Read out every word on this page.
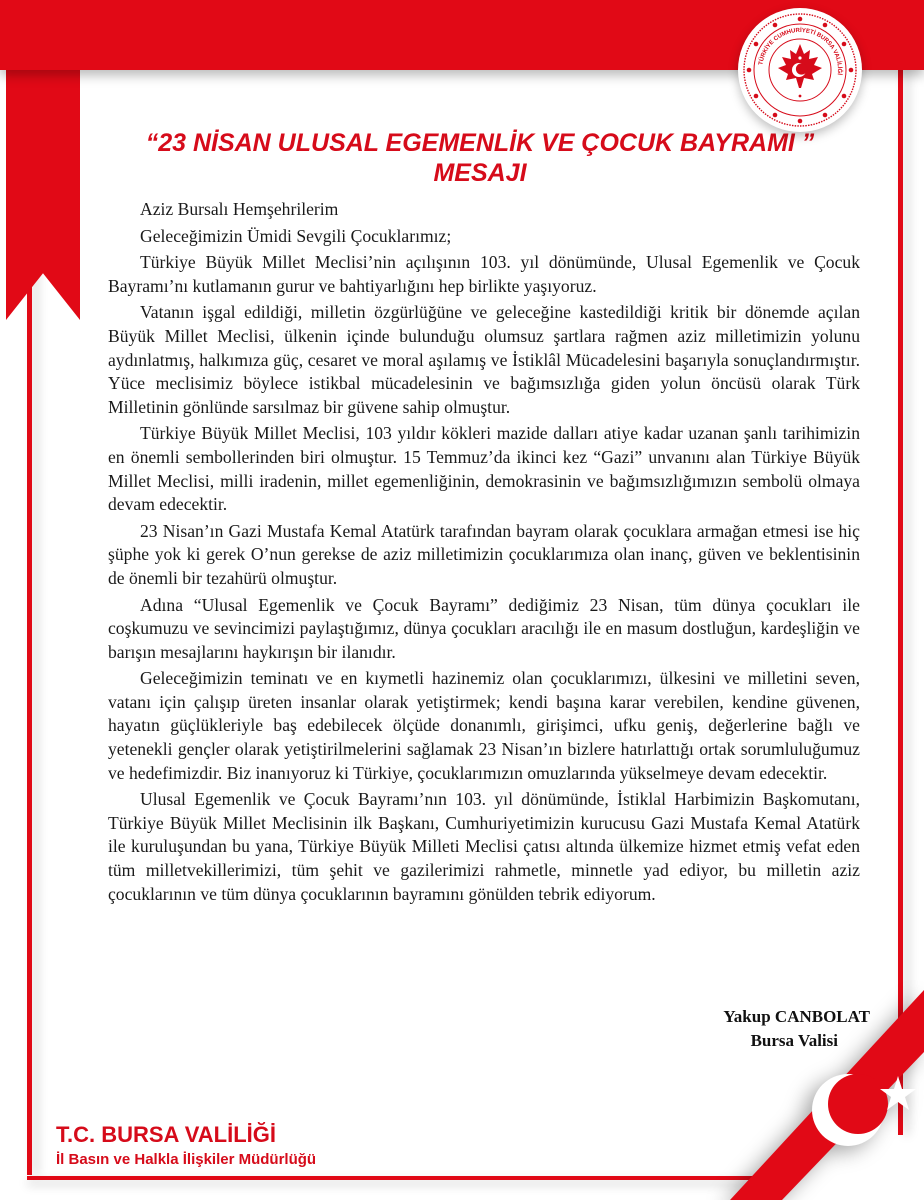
TÜRKİYE CUMHURİYETİ BURSA VALİLİĞİ
“23 NİSAN ULUSAL EGEMENLİK VE ÇOCUK BAYRAMI ”
MESAJI

Aziz Bursalı Hemşehrilerim

Geleceğimizin Ümidi Sevgili Çocuklarımız;

Türkiye Büyük Millet Meclisi’nin açılışının 103. yıl dönümünde, Ulusal Egemenlik ve Çocuk Bayramı’nı kutlamanın gurur ve bahtiyarlığını hep birlikte yaşıyoruz.

Vatanın işgal edildiği, milletin özgürlüğüne ve geleceğine kastedildiği kritik bir dönemde açılan Büyük Millet Meclisi, ülkenin içinde bulunduğu olumsuz şartlara rağmen aziz milletimizin yolunu aydınlatmış, halkımıza güç, cesaret ve moral aşılamış ve İstiklâl Mücadelesini başarıyla sonuçlandırmıştır. Yüce meclisimiz böylece istikbal mücadelesinin ve bağımsızlığa giden yolun öncüsü olarak Türk Milletinin gönlünde sarsılmaz bir güvene sahip olmuştur.

Türkiye Büyük Millet Meclisi, 103 yıldır kökleri mazide dalları atiye kadar uzanan şanlı tarihimizin en önemli sembollerinden biri olmuştur. 15 Temmuz’da ikinci kez “Gazi” unvanını alan Türkiye Büyük Millet Meclisi, milli iradenin, millet egemenliğinin, demokrasinin ve bağımsızlığımızın sembolü olmaya devam edecektir.

23 Nisan’ın Gazi Mustafa Kemal Atatürk tarafından bayram olarak çocuklara armağan etmesi ise hiç şüphe yok ki gerek O’nun gerekse de aziz milletimizin çocuklarımıza olan inanç, güven ve beklentisinin de önemli bir tezahürü olmuştur.

Adına “Ulusal Egemenlik ve Çocuk Bayramı” dediğimiz 23 Nisan, tüm dünya çocukları ile coşkumuzu ve sevincimizi paylaştığımız, dünya çocukları aracılığı ile en masum dostluğun, kardeşliğin ve barışın mesajlarını haykırışın bir ilanıdır.

Geleceğimizin teminatı ve en kıymetli hazinemiz olan çocuklarımızı, ülkesini ve milletini seven, vatanı için çalışıp üreten insanlar olarak yetiştirmek; kendi başına karar verebilen, kendine güvenen, hayatın güçlükleriyle baş edebilecek ölçüde donanımlı, girişimci, ufku geniş, değerlerine bağlı ve yetenekli gençler olarak yetiştirilmelerini sağlamak 23 Nisan’ın bizlere hatırlattığı ortak sorumluluğumuz ve hedefimizdir. Biz inanıyoruz ki Türkiye, çocuklarımızın omuzlarında yükselmeye devam edecektir.

Ulusal Egemenlik ve Çocuk Bayramı’nın 103. yıl dönümünde, İstiklal Harbimizin Başkomutanı, Türkiye Büyük Millet Meclisinin ilk Başkanı, Cumhuriyetimizin kurucusu Gazi Mustafa Kemal Atatürk ile kuruluşundan bu yana, Türkiye Büyük Milleti Meclisi çatısı altında ülkemize hizmet etmiş vefat eden tüm milletvekillerimizi, tüm şehit ve gazilerimizi rahmetle, minnetle yad ediyor, bu milletin aziz çocuklarının ve tüm dünya çocuklarının bayramını gönülden tebrik ediyorum.

Yakup CANBOLAT
Bursa Valisi
T.C. BURSA VALİLİĞİ
İl Basın ve Halkla İlişkiler Müdürlüğü
